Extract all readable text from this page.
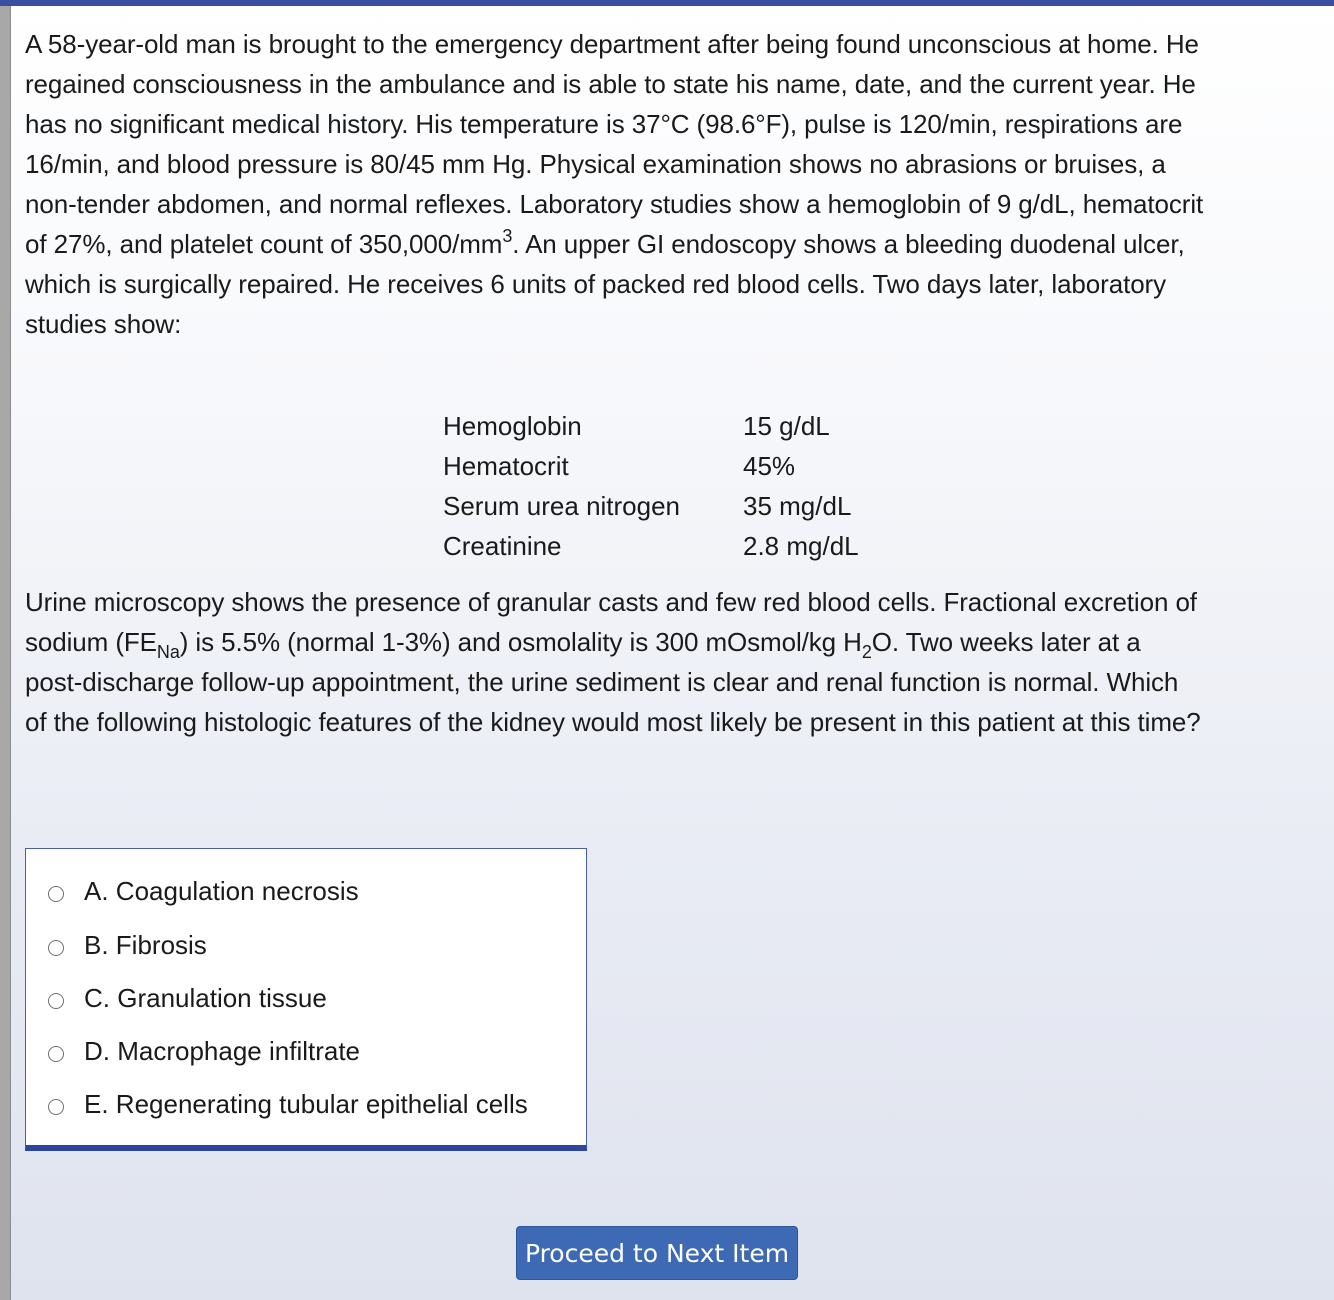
A 58-year-old man is brought to the emergency department after being found unconscious at home. He regained consciousness in the ambulance and is able to state his name, date, and the current year. He has no significant medical history. His temperature is 37°C (98.6°F), pulse is 120/min, respirations are 16/min, and blood pressure is 80/45 mm Hg. Physical examination shows no abrasions or bruises, a non-tender abdomen, and normal reflexes. Laboratory studies show a hemoglobin of 9 g/dL, hematocrit of 27%, and platelet count of $350,000/mm^3$. An upper GI endoscopy shows a bleeding duodenal ulcer, which is surgically repaired. He receives 6 units of packed red blood cells. Two days later, laboratory studies show:

Hemoglobin	15 g/dL
Hematocrit	45%
Serum urea nitrogen	35 mg/dL
Creatinine	2.8 mg/dL

Urine microscopy shows the presence of granular casts and few red blood cells. Fractional excretion of sodium $(FE_{Na})$ is 5.5% (normal 1-3%) and osmolality is 300 mOsmol/kg $H_2O$. Two weeks later at a post-discharge follow-up appointment, the urine sediment is clear and renal function is normal. Which of the following histologic features of the kidney would most likely be present in this patient at this time?

A. Coagulation necrosis
B. Fibrosis
C. Granulation tissue
D. Macrophage infiltrate
E. Regenerating tubular epithelial cells
Proceed to Next Item
